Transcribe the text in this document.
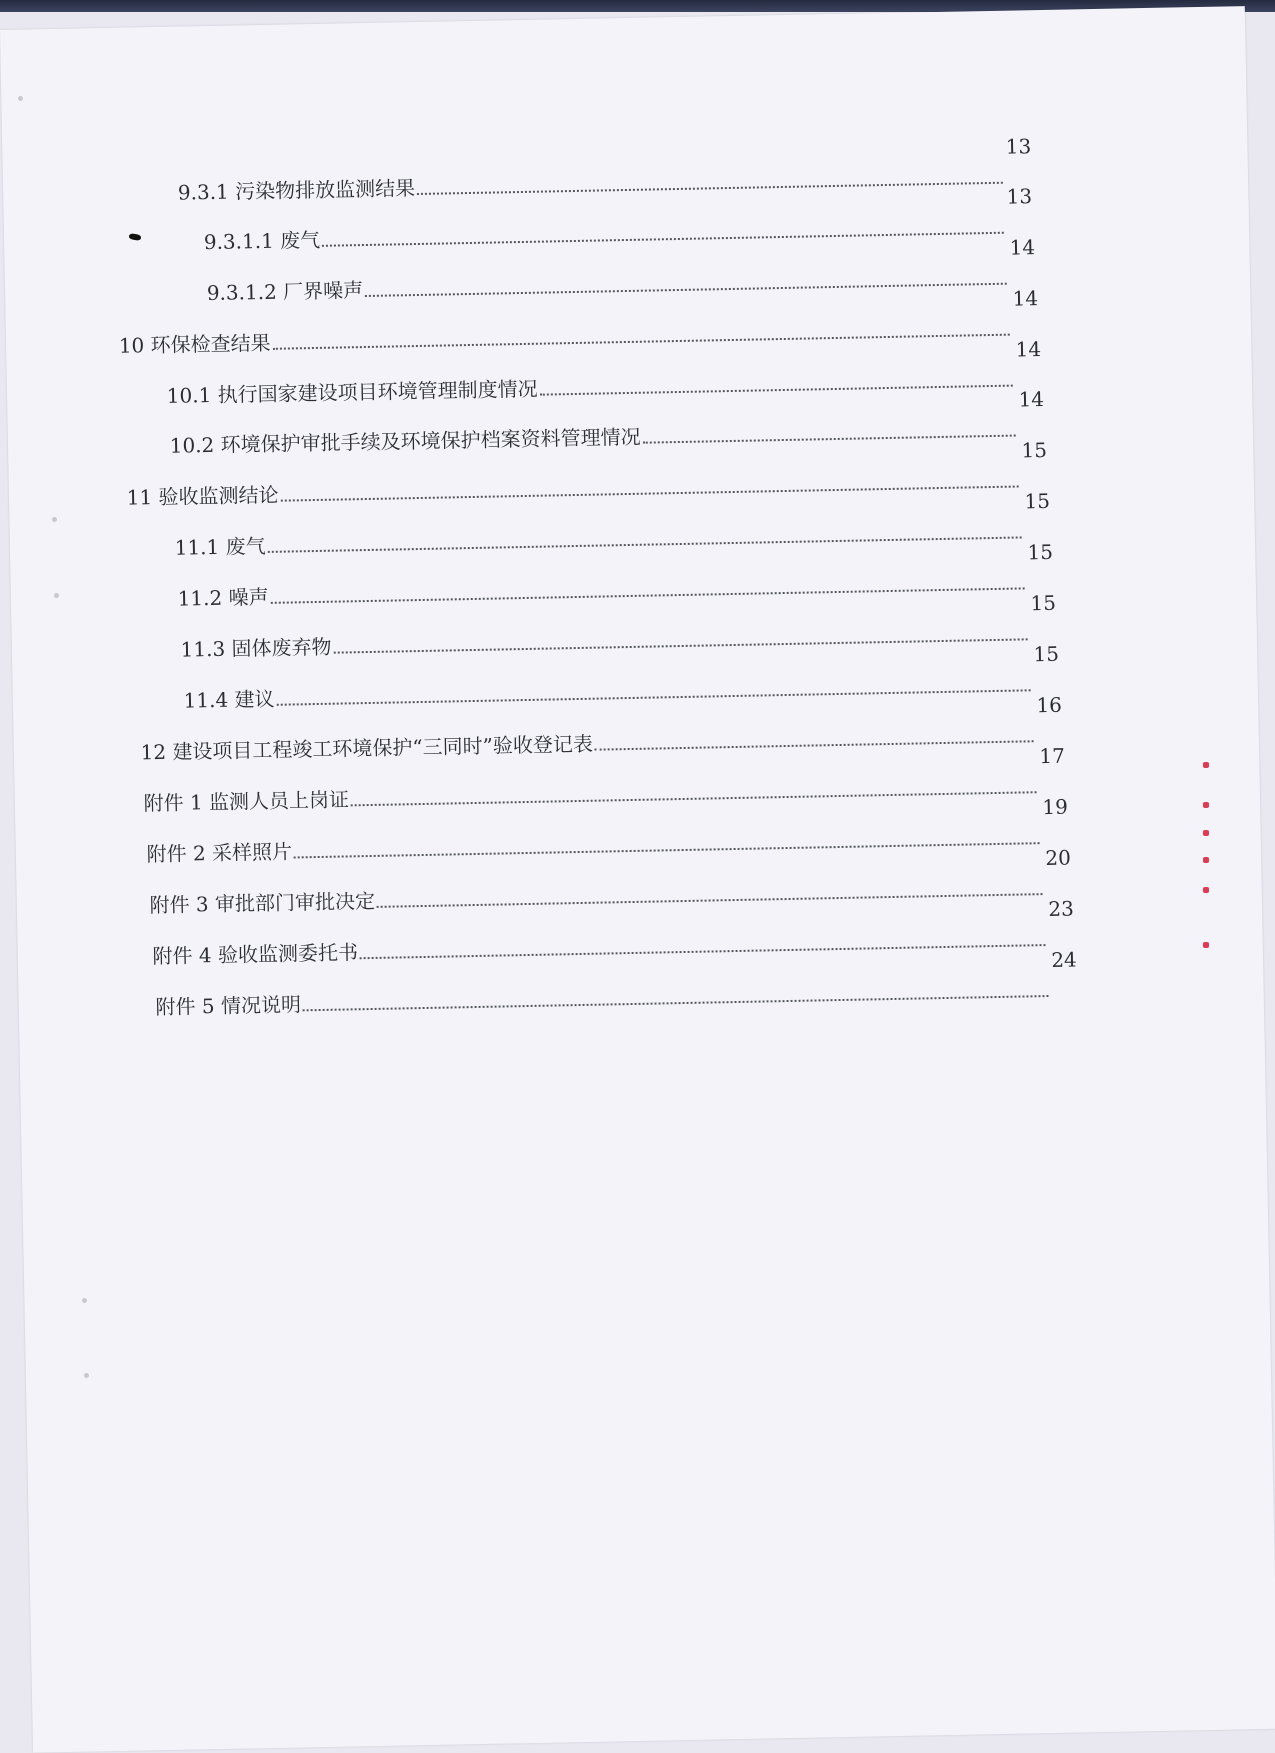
9.3.1 污染物排放监测结果
13
9.3.1.1 废气
13
9.3.1.2 厂界噪声
14
10 环保检查结果
14
10.1 执行国家建设项目环境管理制度情况
14
10.2 环境保护审批手续及环境保护档案资料管理情况
14
11 验收监测结论
15
11.1 废气
15
11.2 噪声
15
11.3 固体废弃物
15
11.4 建议
15
12 建设项目工程竣工环境保护“三同时”验收登记表
16
附件 1 监测人员上岗证
17
附件 2 采样照片
19
附件 3 审批部门审批决定
20
附件 4 验收监测委托书
23
附件 5 情况说明
24
